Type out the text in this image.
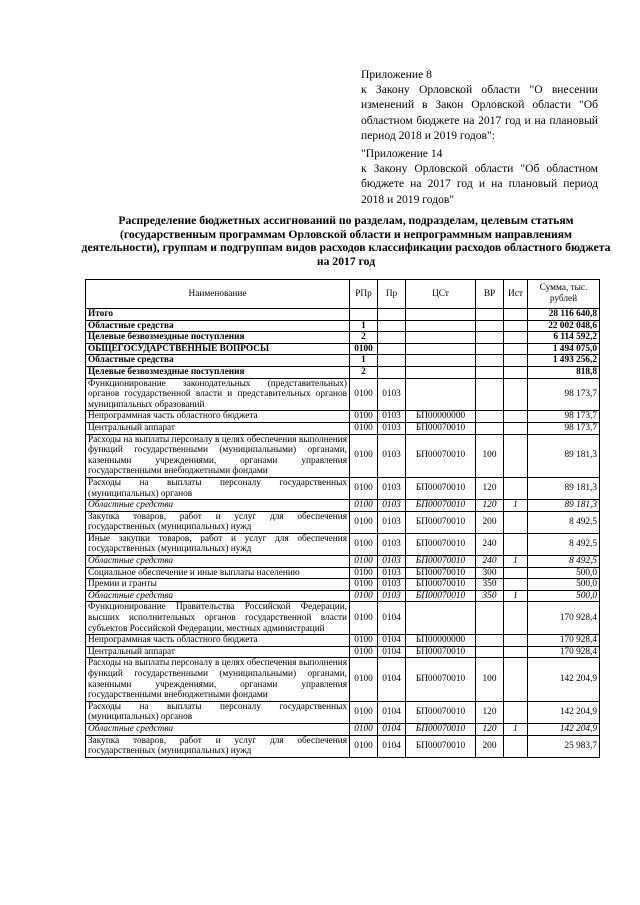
Приложение 8
к Закону Орловской области "О внесении изменений в Закон Орловской области "Об областном бюджете на 2017 год и на плановый период 2018 и 2019 годов":
"Приложение 14
к Закону Орловской области "Об областном бюджете на 2017 год и на плановый период 2018 и 2019 годов"
Распределение бюджетных ассигнований по разделам, подразделам, целевым статьям (государственным программам Орловской области и непрограммным направлениям деятельности), группам и подгруппам видов расходов классификации расходов областного бюджета на 2017 год
Наименование	РПр	Пр	ЦСт	ВР	Ист	Сумма, тыс. рублей
Итого						28 116 640,8
Областные средства	1					22 002 048,6
Целевые безвозмездные поступления	2					6 114 592,2
ОБЩЕГОСУДАРСТВЕННЫЕ ВОПРОСЫ	0100					1 494 075,0
Областные средства	1					1 493 256,2
Целевые безвозмездные поступления	2					818,8
Функционирование законодательных (представительных) органов государственной власти и представительных органов муниципальных образований	0100	0103				98 173,7
Непрограммная часть областного бюджета	0100	0103	БП00000000			98 173,7
Центральный аппарат	0100	0103	БП00070010			98 173,7
Расходы на выплаты персоналу в целях обеспечения выполнения функций государственными (муниципальными) органами, казенными учреждениями, органами управления государственными внебюджетными фондами	0100	0103	БП00070010	100		89 181,3
Расходы на выплаты персоналу государственных (муниципальных) органов	0100	0103	БП00070010	120		89 181,3
Областные средства	0100	0103	БП00070010	120	1	89 181,3
Закупка товаров, работ и услуг для обеспечения государственных (муниципальных) нужд	0100	0103	БП00070010	200		8 492,5
Иные закупки товаров, работ и услуг для обеспечения государственных (муниципальных) нужд	0100	0103	БП00070010	240		8 492,5
Областные средства	0100	0103	БП00070010	240	1	8 492,5
Социальное обеспечение и иные выплаты населению	0100	0103	БП00070010	300		500,0
Премии и гранты	0100	0103	БП00070010	350		500,0
Областные средства	0100	0103	БП00070010	350	1	500,0
Функционирование Правительства Российской Федерации, высших исполнительных органов государственной власти субъектов Российской Федерации, местных администраций	0100	0104				170 928,4
Непрограммная часть областного бюджета	0100	0104	БП00000000			170 928,4
Центральный аппарат	0100	0104	БП00070010			170 928,4
Расходы на выплаты персоналу в целях обеспечения выполнения функций государственными (муниципальными) органами, казенными учреждениями, органами управления государственными внебюджетными фондами	0100	0104	БП00070010	100		142 204,9
Расходы на выплаты персоналу государственных (муниципальных) органов	0100	0104	БП00070010	120		142 204,9
Областные средства	0100	0104	БП00070010	120	1	142 204,9
Закупка товаров, работ и услуг для обеспечения государственных (муниципальных) нужд	0100	0104	БП00070010	200		25 983,7
